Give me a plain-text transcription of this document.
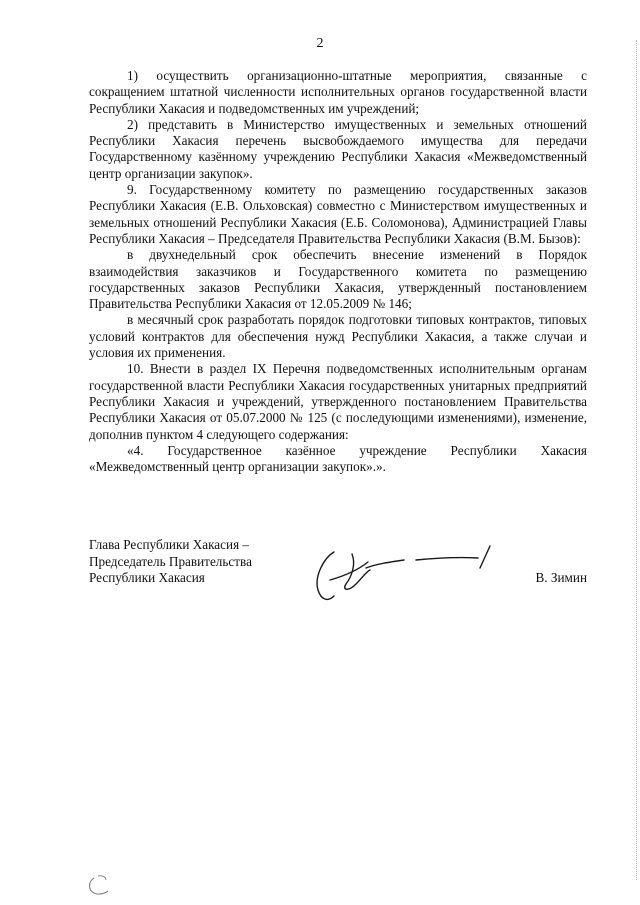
2

1) осуществить организационно-штатные мероприятия, связанные с сокращением штатной численности исполнительных органов государственной власти Республики Хакасия и подведомственных им учреждений;

2) представить в Министерство имущественных и земельных отношений Республики Хакасия перечень высвобождаемого имущества для передачи Государственному казённому учреждению Республики Хакасия «Межведомственный центр организации закупок».

9. Государственному комитету по размещению государственных заказов Республики Хакасия (Е.В. Ольховская) совместно с Министерством имущественных и земельных отношений Республики Хакасия (Е.Б. Соломонова), Администрацией Главы Республики Хакасия – Председателя Правительства Республики Хакасия (В.М. Бызов):

в двухнедельный срок обеспечить внесение изменений в Порядок взаимодействия заказчиков и Государственного комитета по размещению государственных заказов Республики Хакасия, утвержденный постановлением Правительства Республики Хакасия от 12.05.2009 № 146;

в месячный срок разработать порядок подготовки типовых контрактов, типовых условий контрактов для обеспечения нужд Республики Хакасия, а также случаи и условия их применения.

10. Внести в раздел IX Перечня подведомственных исполнительным органам государственной власти Республики Хакасия государственных унитарных предприятий Республики Хакасия и учреждений, утвержденного постановлением Правительства Республики Хакасия от 05.07.2000 № 125 (с последующими изменениями), изменение, дополнив пунктом 4 следующего содержания:

«4. Государственное казённое учреждение Республики Хакасия «Межведомственный центр организации закупок».».

Глава Республики Хакасия –
Председатель Правительства
Республики Хакасия	В. Зимин
